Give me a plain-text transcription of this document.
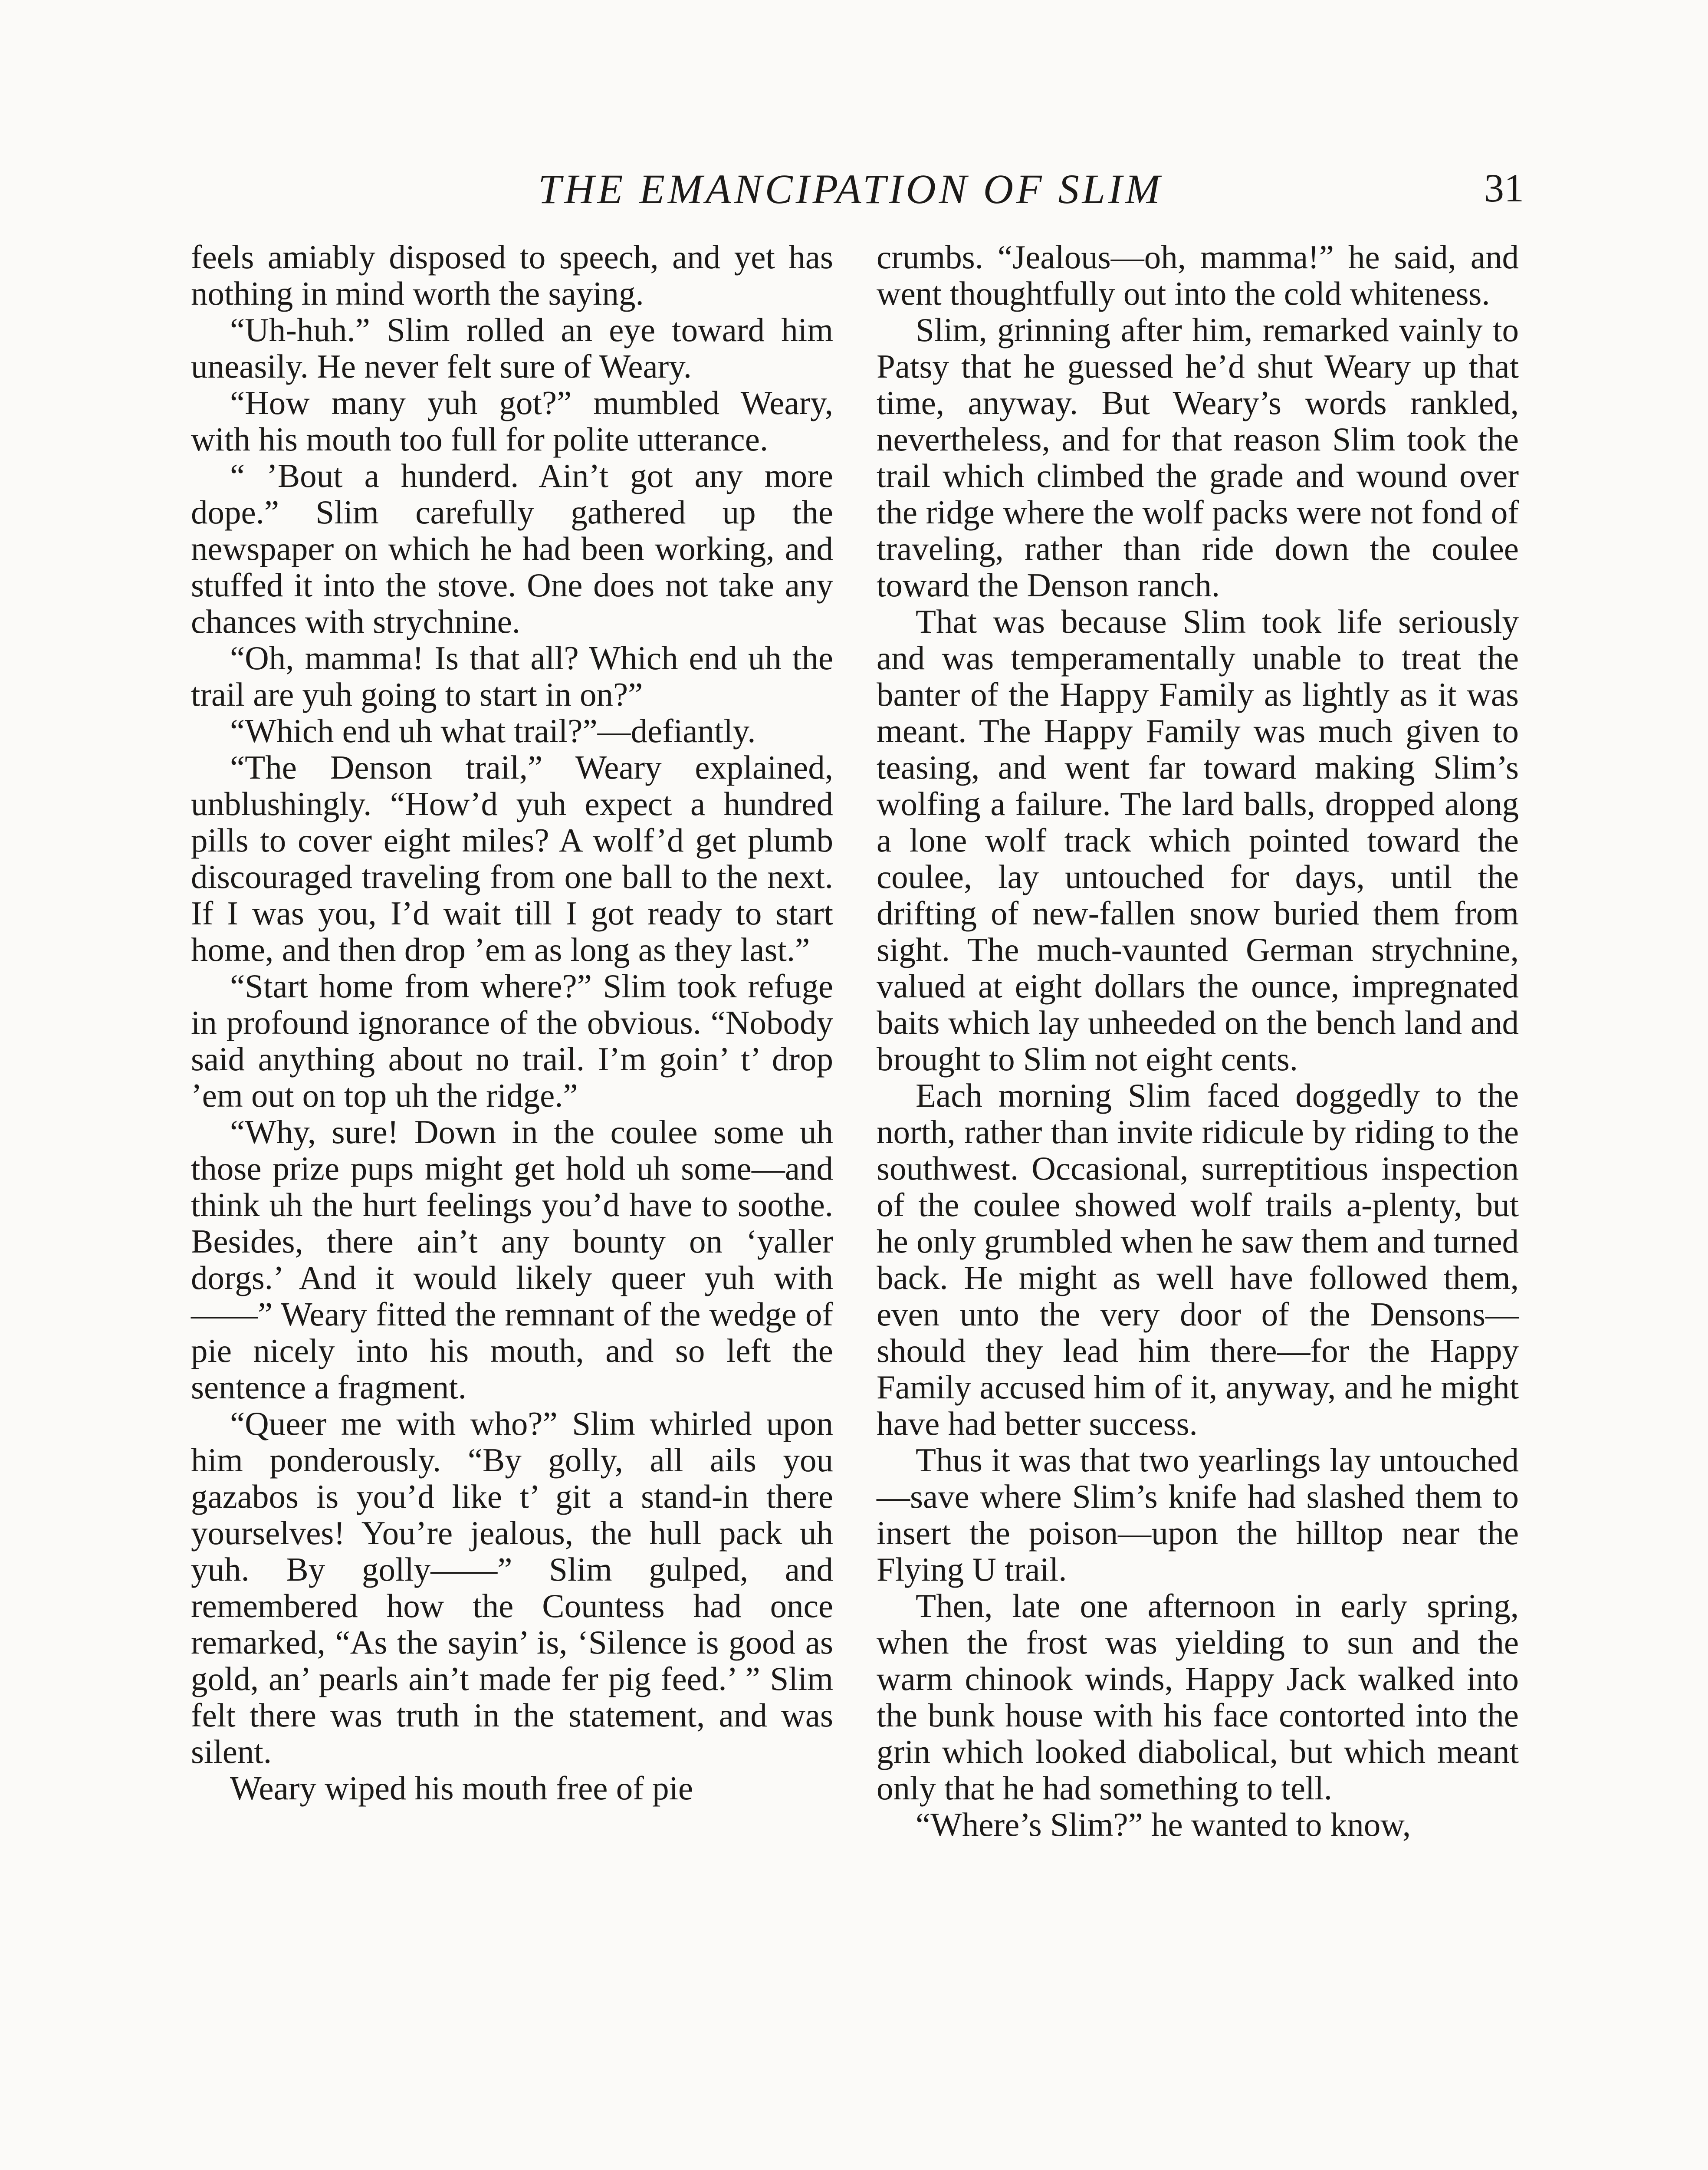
THE EMANCIPATION OF SLIM	31

feels amiably disposed to speech, and yet has nothing in mind worth the saying.

“Uh-huh.” Slim rolled an eye toward him uneasily. He never felt sure of Weary.

“How many yuh got?” mumbled Weary, with his mouth too full for polite utterance.

“ ’Bout a hunderd. Ain’t got any more dope.” Slim carefully gathered up the newspaper on which he had been working, and stuffed it into the stove. One does not take any chances with strychnine.

“Oh, mamma! Is that all? Which end uh the trail are yuh going to start in on?”

“Which end uh what trail?”—defiantly.

“The Denson trail,” Weary explained, unblushingly. “How’d yuh expect a hundred pills to cover eight miles? A wolf’d get plumb discouraged traveling from one ball to the next. If I was you, I’d wait till I got ready to start home, and then drop ’em as long as they last.”

“Start home from where?” Slim took refuge in profound ignorance of the obvious. “Nobody said anything about no trail. I’m goin’ t’ drop ’em out on top uh the ridge.”

“Why, sure! Down in the coulee some uh those prize pups might get hold uh some—and think uh the hurt feelings you’d have to soothe. Besides, there ain’t any bounty on ‘yaller dorgs.’ And it would likely queer yuh with——” Weary fitted the remnant of the wedge of pie nicely into his mouth, and so left the sentence a fragment.

“Queer me with who?” Slim whirled upon him ponderously. “By golly, all ails you gazabos is you’d like t’ git a stand-in there yourselves! You’re jealous, the hull pack uh yuh. By golly——” Slim gulped, and remembered how the Countess had once remarked, “As the sayin’ is, ‘Silence is good as gold, an’ pearls ain’t made fer pig feed.’ ” Slim felt there was truth in the statement, and was silent.

Weary wiped his mouth free of pie

crumbs. “Jealous—oh, mamma!” he said, and went thoughtfully out into the cold whiteness.

Slim, grinning after him, remarked vainly to Patsy that he guessed he’d shut Weary up that time, anyway. But Weary’s words rankled, nevertheless, and for that reason Slim took the trail which climbed the grade and wound over the ridge where the wolf packs were not fond of traveling, rather than ride down the coulee toward the Denson ranch.

That was because Slim took life seriously and was temperamentally unable to treat the banter of the Happy Family as lightly as it was meant. The Happy Family was much given to teasing, and went far toward making Slim’s wolfing a failure. The lard balls, dropped along a lone wolf track which pointed toward the coulee, lay untouched for days, until the drifting of new-fallen snow buried them from sight. The much-vaunted German strychnine, valued at eight dollars the ounce, impregnated baits which lay unheeded on the bench land and brought to Slim not eight cents.

Each morning Slim faced doggedly to the north, rather than invite ridicule by riding to the southwest. Occasional, surreptitious inspection of the coulee showed wolf trails a-plenty, but he only grumbled when he saw them and turned back. He might as well have followed them, even unto the very door of the Densons—should they lead him there—for the Happy Family accused him of it, anyway, and he might have had better success.

Thus it was that two yearlings lay untouched—save where Slim’s knife had slashed them to insert the poison—upon the hilltop near the Flying U trail.

Then, late one afternoon in early spring, when the frost was yielding to sun and the warm chinook winds, Happy Jack walked into the bunk house with his face contorted into the grin which looked diabolical, but which meant only that he had something to tell.

“Where’s Slim?” he wanted to know,
